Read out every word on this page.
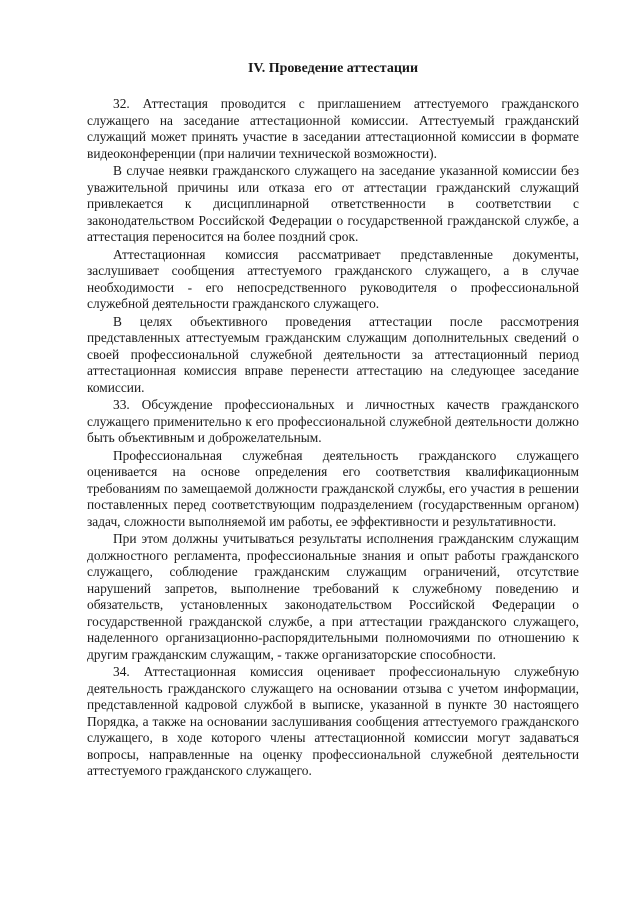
IV. Проведение аттестации

32. Аттестация проводится с приглашением аттестуемого гражданского служащего на заседание аттестационной комиссии. Аттестуемый гражданский служащий может принять участие в заседании аттестационной комиссии в формате видеоконференции (при наличии технической возможности).

В случае неявки гражданского служащего на заседание указанной комиссии без уважительной причины или отказа его от аттестации гражданский служащий привлекается к дисциплинарной ответственности в соответствии с законодательством Российской Федерации о государственной гражданской службе, а аттестация переносится на более поздний срок.

Аттестационная комиссия рассматривает представленные документы, заслушивает сообщения аттестуемого гражданского служащего, а в случае необходимости - его непосредственного руководителя о профессиональной служебной деятельности гражданского служащего.

В целях объективного проведения аттестации после рассмотрения представленных аттестуемым гражданским служащим дополнительных сведений о своей профессиональной служебной деятельности за аттестационный период аттестационная комиссия вправе перенести аттестацию на следующее заседание комиссии.

33. Обсуждение профессиональных и личностных качеств гражданского служащего применительно к его профессиональной служебной деятельности должно быть объективным и доброжелательным.

Профессиональная служебная деятельность гражданского служащего оценивается на основе определения его соответствия квалификационным требованиям по замещаемой должности гражданской службы, его участия в решении поставленных перед соответствующим подразделением (государственным органом) задач, сложности выполняемой им работы, ее эффективности и результативности.

При этом должны учитываться результаты исполнения гражданским служащим должностного регламента, профессиональные знания и опыт работы гражданского служащего, соблюдение гражданским служащим ограничений, отсутствие нарушений запретов, выполнение требований к служебному поведению и обязательств, установленных законодательством Российской Федерации о государственной гражданской службе, а при аттестации гражданского служащего, наделенного организационно-распорядительными полномочиями по отношению к другим гражданским служащим, - также организаторские способности.

34. Аттестационная комиссия оценивает профессиональную служебную деятельность гражданского служащего на основании отзыва с учетом информации, представленной кадровой службой в выписке, указанной в пункте 30 настоящего Порядка, а также на основании заслушивания сообщения аттестуемого гражданского служащего, в ходе которого члены аттестационной комиссии могут задаваться вопросы, направленные на оценку профессиональной служебной деятельности аттестуемого гражданского служащего.
